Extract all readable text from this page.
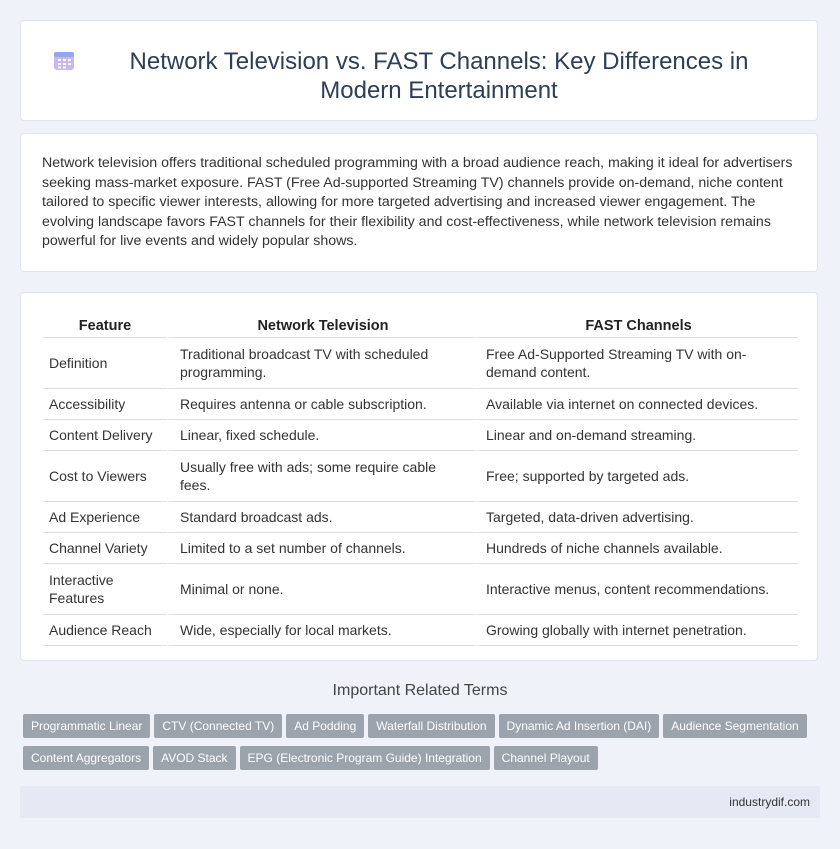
Network Television vs. FAST Channels: Key Differences in Modern Entertainment

Network television offers traditional scheduled programming with a broad audience reach, making it ideal for advertisers seeking mass-market exposure. FAST (Free Ad-supported Streaming TV) channels provide on-demand, niche content tailored to specific viewer interests, allowing for more targeted advertising and increased viewer engagement. The evolving landscape favors FAST channels for their flexibility and cost-effectiveness, while network television remains powerful for live events and widely popular shows.

Feature	Network Television	FAST Channels
Definition	Traditional broadcast TV with scheduled programming.	Free Ad-Supported Streaming TV with on-demand content.
Accessibility	Requires antenna or cable subscription.	Available via internet on connected devices.
Content Delivery	Linear, fixed schedule.	Linear and on-demand streaming.
Cost to Viewers	Usually free with ads; some require cable fees.	Free; supported by targeted ads.
Ad Experience	Standard broadcast ads.	Targeted, data-driven advertising.
Channel Variety	Limited to a set number of channels.	Hundreds of niche channels available.
Interactive Features	Minimal or none.	Interactive menus, content recommendations.
Audience Reach	Wide, especially for local markets.	Growing globally with internet penetration.
Important Related Terms
Programmatic Linear CTV (Connected TV) Ad Podding Waterfall Distribution Dynamic Ad Insertion (DAI) Audience Segmentation
Content Aggregators AVOD Stack EPG (Electronic Program Guide) Integration Channel Playout
industrydif.com
